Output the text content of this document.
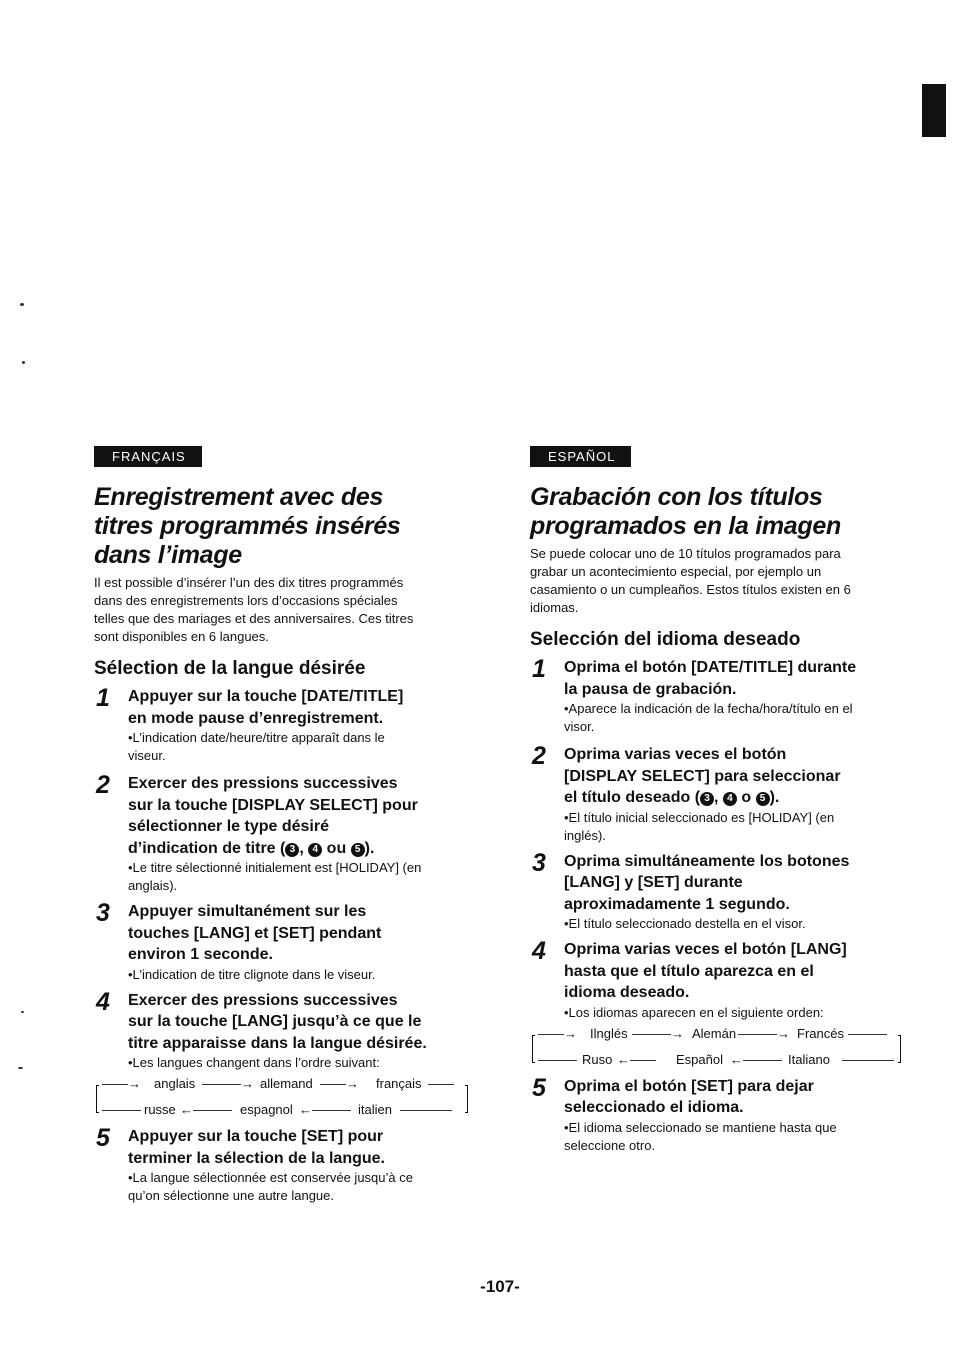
FRANÇAIS
Enregistrement avec des
titres programmés insérés
dans l’image

Il est possible d’insérer l’un des dix titres programmés
dans des enregistrements lors d’occasions spéciales
telles que des mariages et des anniversaires. Ces titres
sont disponibles en 6 langues.

Sélection de la langue désirée
1 Appuyer sur la touche [DATE/TITLE]
en mode pause d’enregistrement.
•L’indication date/heure/titre apparaît dans le
viseur.
2 Exercer des pressions successives
sur la touche [DISPLAY SELECT] pour
sélectionner le type désiré
d’indication de titre ( 3 , 4 ou 5 ).
•Le titre sélectionné initialement est [HOLIDAY] (en
anglais).
3 Appuyer simultanément sur les
touches [LANG] et [SET] pendant
environ 1 seconde.
•L’indication de titre clignote dans le viseur.
4 Exercer des pressions successives
sur la touche [LANG] jusqu’à ce que le
titre apparaisse dans la langue désirée.
•Les langues changent dans l’ordre suivant:
——→ anglais ———→ allemand ——→ français ——
——— russe ←——— espagnol ←——— italien ————
5 Appuyer sur la touche [SET] pour
terminer la sélection de la langue.
•La langue sélectionnée est conservée jusqu’à ce
qu’on sélectionne une autre langue.
ESPAÑOL
Grabación con los títulos
programados en la imagen

Se puede colocar uno de 10 títulos programados para
grabar un acontecimiento especial, por ejemplo un
casamiento o un cumpleaños. Estos títulos existen en 6
idiomas.

Selección del idioma deseado
1 Oprima el botón [DATE/TITLE] durante
la pausa de grabación.
•Aparece la indicación de la fecha/hora/título en el
visor.
2 Oprima varias veces el botón
[DISPLAY SELECT] para seleccionar
el título deseado ( 3 , 4 o 5 ).
•El título inicial seleccionado es [HOLIDAY] (en
inglés).
3 Oprima simultáneamente los botones
[LANG] y [SET] durante
aproximadamente 1 segundo.
•El título seleccionado destella en el visor.
4 Oprima varias veces el botón [LANG]
hasta que el título aparezca en el
idioma deseado.
•Los idiomas aparecen en el siguiente orden:
——→ Ilnglés ———→ Alemán ———→ Francés ———
——— Ruso ←—— Español ←——— Italiano ————
5 Oprima el botón [SET] para dejar
seleccionado el idioma.
•El idioma seleccionado se mantiene hasta que
seleccione otro.
-107-
